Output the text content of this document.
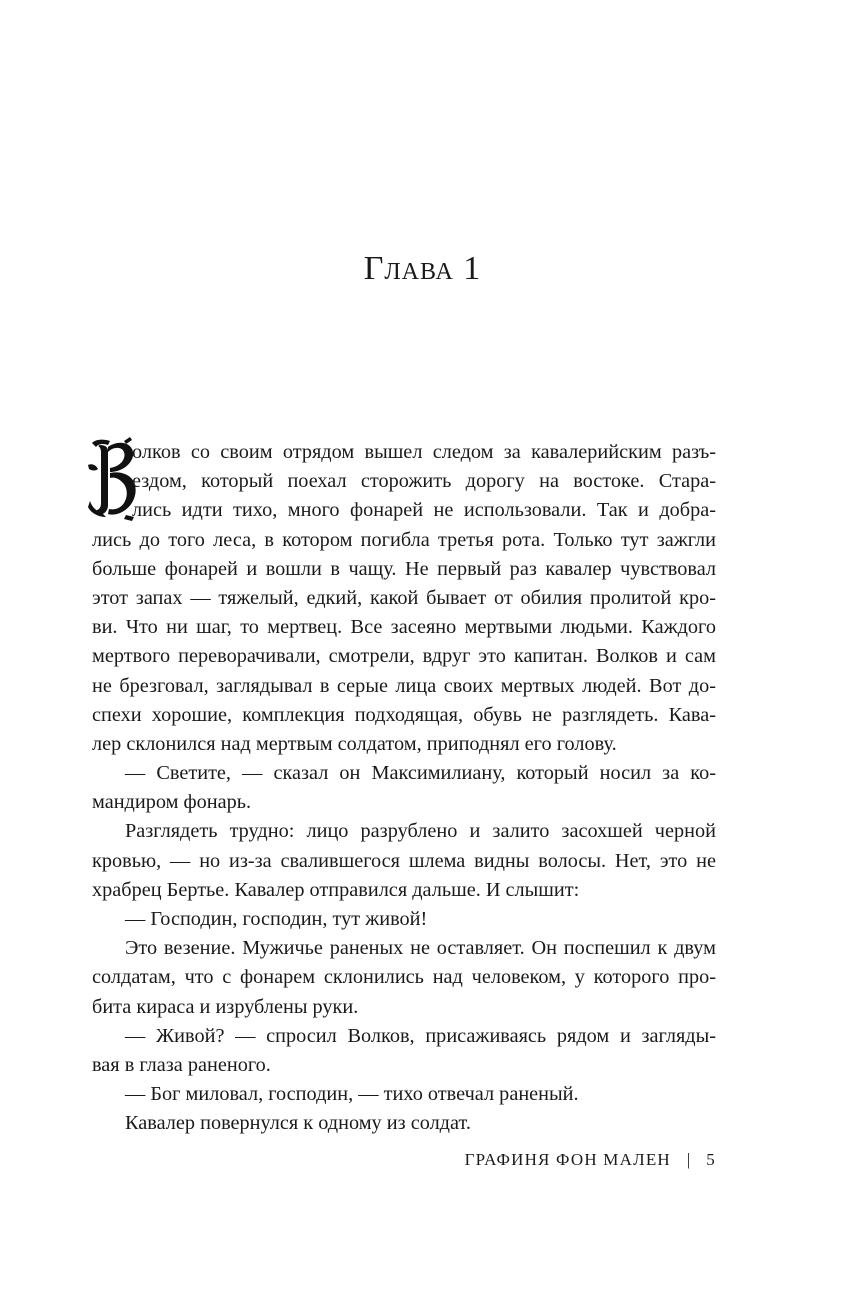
Глава 1
олков со своим отрядом вышел следом за кавалерийским разъ-
ездом, который поехал сторожить дорогу на востоке. Стара-
лись идти тихо, много фонарей не использовали. Так и добра-
лись до того леса, в котором погибла третья рота. Только тут зажгли
больше фонарей и вошли в чащу. Не первый раз кавалер чувствовал
этот запах — тяжелый, едкий, какой бывает от обилия пролитой кро-
ви. Что ни шаг, то мертвец. Все засеяно мертвыми людьми. Каждого
мертвого переворачивали, смотрели, вдруг это капитан. Волков и сам
не брезговал, заглядывал в серые лица своих мертвых людей. Вот до-
спехи хорошие, комплекция подходящая, обувь не разглядеть. Кава-
лер склонился над мертвым солдатом, приподнял его голову.
— Светите, — сказал он Максимилиану, который носил за ко-
мандиром фонарь.
Разглядеть трудно: лицо разрублено и залито засохшей черной
кровью, — но из-за свалившегося шлема видны волосы. Нет, это не
храбрец Бертье. Кавалер отправился дальше. И слышит:
— Господин, господин, тут живой!
Это везение. Мужичье раненых не оставляет. Он поспешил к двум
солдатам, что с фонарем склонились над человеком, у которого про-
бита кираса и изрублены руки.
— Живой? — спросил Волков, присаживаясь рядом и загляды-
вая в глаза раненого.
— Бог миловал, господин, — тихо отвечал раненый.
Кавалер повернулся к одному из солдат.
ГРАФИНЯ ФОН МАЛЕН | 5
